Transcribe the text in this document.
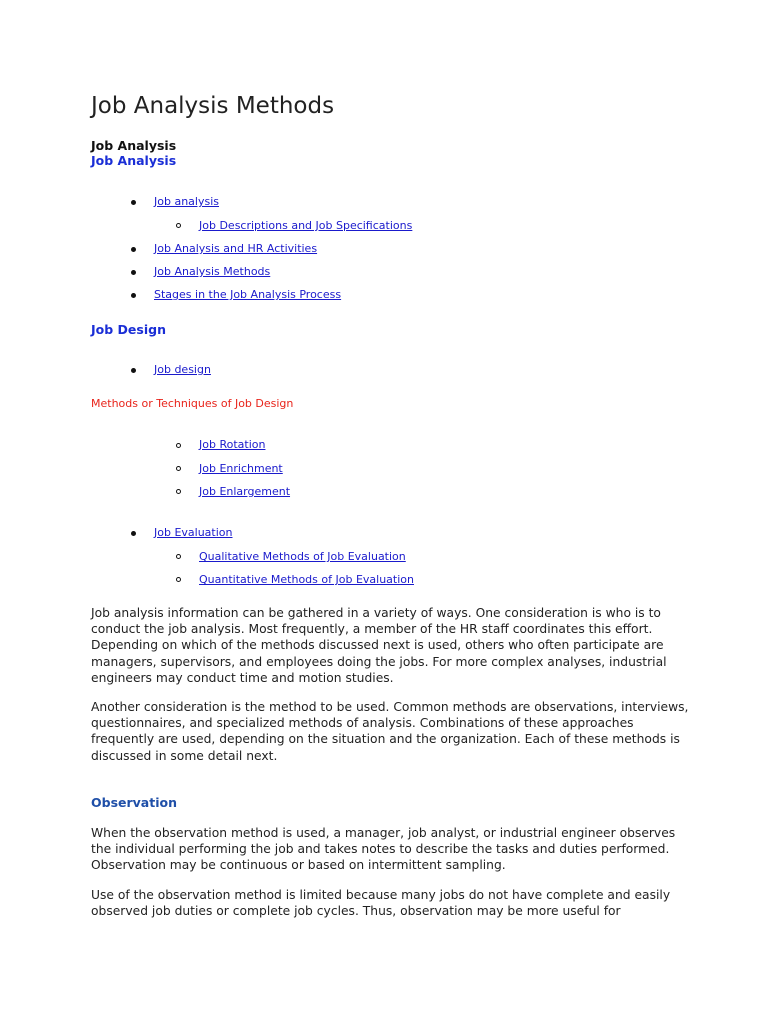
Job Analysis Methods
Job Analysis
Job Analysis
Job analysis
Job Descriptions and Job Specifications
Job Analysis and HR Activities
Job Analysis Methods
Stages in the Job Analysis Process
Job Design
Job design
Methods or Techniques of Job Design
Job Rotation
Job Enrichment
Job Enlargement
Job Evaluation
Qualitative Methods of Job Evaluation
Quantitative Methods of Job Evaluation

Job analysis information can be gathered in a variety of ways. One consideration is who is to conduct the job analysis. Most frequently, a member of the HR staff coordinates this effort. Depending on which of the methods discussed next is used, others who often participate are managers, supervisors, and employees doing the jobs. For more complex analyses, industrial engineers may conduct time and motion studies.

Another consideration is the method to be used. Common methods are observations, interviews, questionnaires, and specialized methods of analysis. Combinations of these approaches frequently are used, depending on the situation and the organization. Each of these methods is discussed in some detail next.

Observation

When the observation method is used, a manager, job analyst, or industrial engineer observes the individual performing the job and takes notes to describe the tasks and duties performed. Observation may be continuous or based on intermittent sampling.

Use of the observation method is limited because many jobs do not have complete and easily observed job duties or complete job cycles. Thus, observation may be more useful for
